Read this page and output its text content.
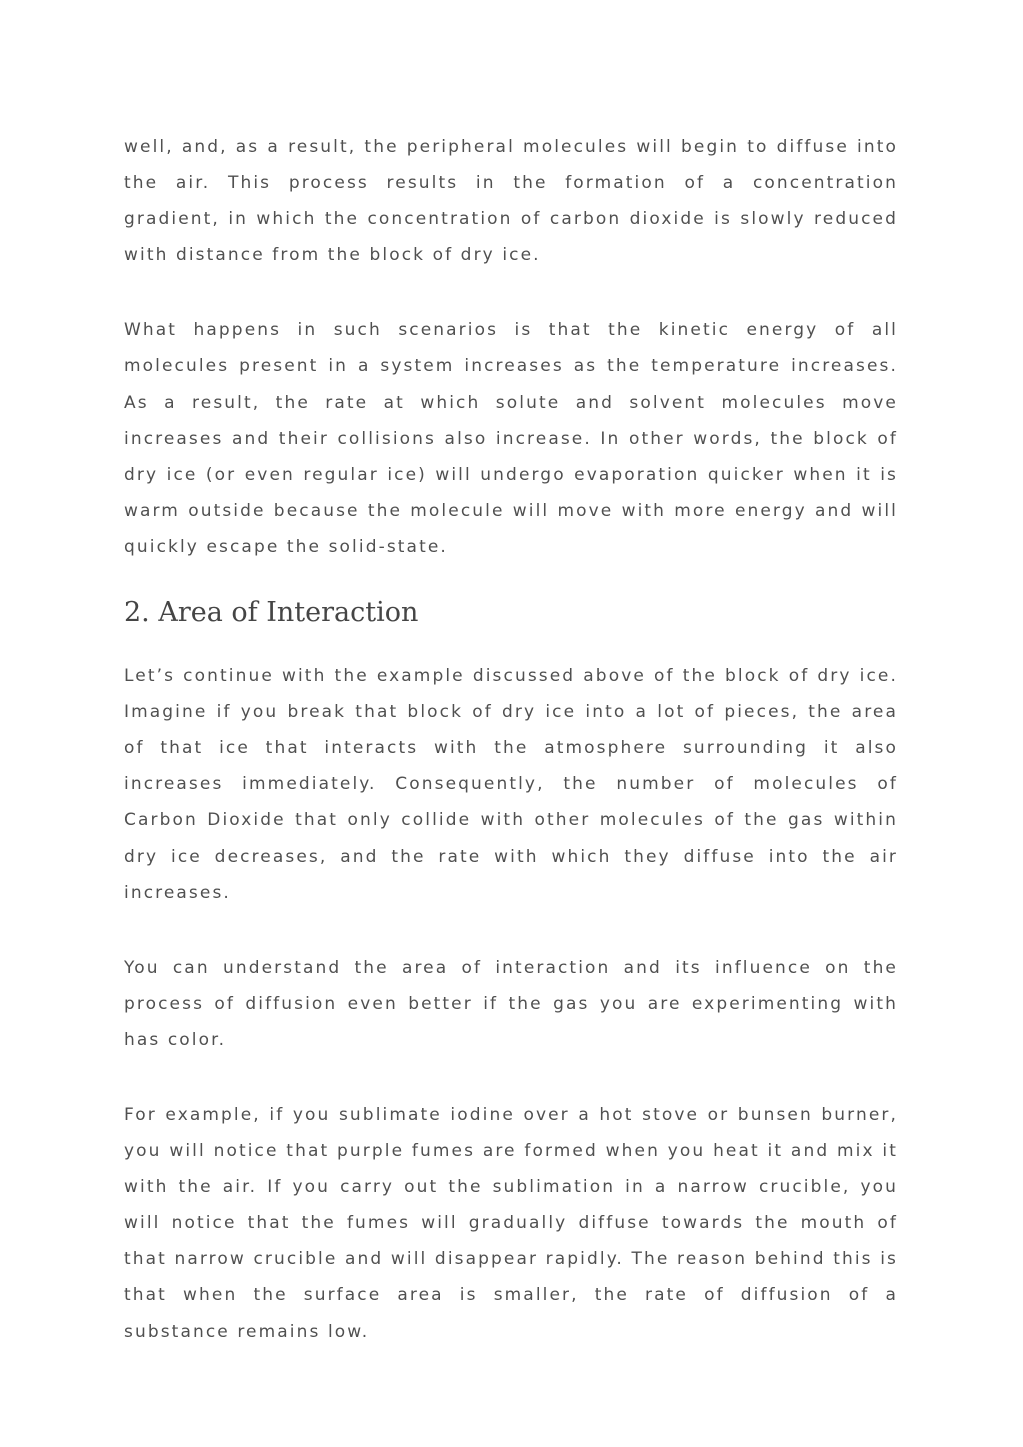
well, and, as a result, the peripheral molecules will begin to diffuse into the air. This process results in the formation of a concentration gradient, in which the concentration of carbon dioxide is slowly reduced with distance from the block of dry ice.

What happens in such scenarios is that the kinetic energy of all molecules present in a system increases as the temperature increases. As a result, the rate at which solute and solvent molecules move increases and their collisions also increase. In other words, the block of dry ice (or even regular ice) will undergo evaporation quicker when it is warm outside because the molecule will move with more energy and will quickly escape the solid-state.

2. Area of Interaction

Let’s continue with the example discussed above of the block of dry ice. Imagine if you break that block of dry ice into a lot of pieces, the area of that ice that interacts with the atmosphere surrounding it also increases immediately. Consequently, the number of molecules of Carbon Dioxide that only collide with other molecules of the gas within dry ice decreases, and the rate with which they diffuse into the air increases.

You can understand the area of interaction and its influence on the process of diffusion even better if the gas you are experimenting with has color.

For example, if you sublimate iodine over a hot stove or bunsen burner, you will notice that purple fumes are formed when you heat it and mix it with the air. If you carry out the sublimation in a narrow crucible, you will notice that the fumes will gradually diffuse towards the mouth of that narrow crucible and will disappear rapidly. The reason behind this is that when the surface area is smaller, the rate of diffusion of a substance remains low.
